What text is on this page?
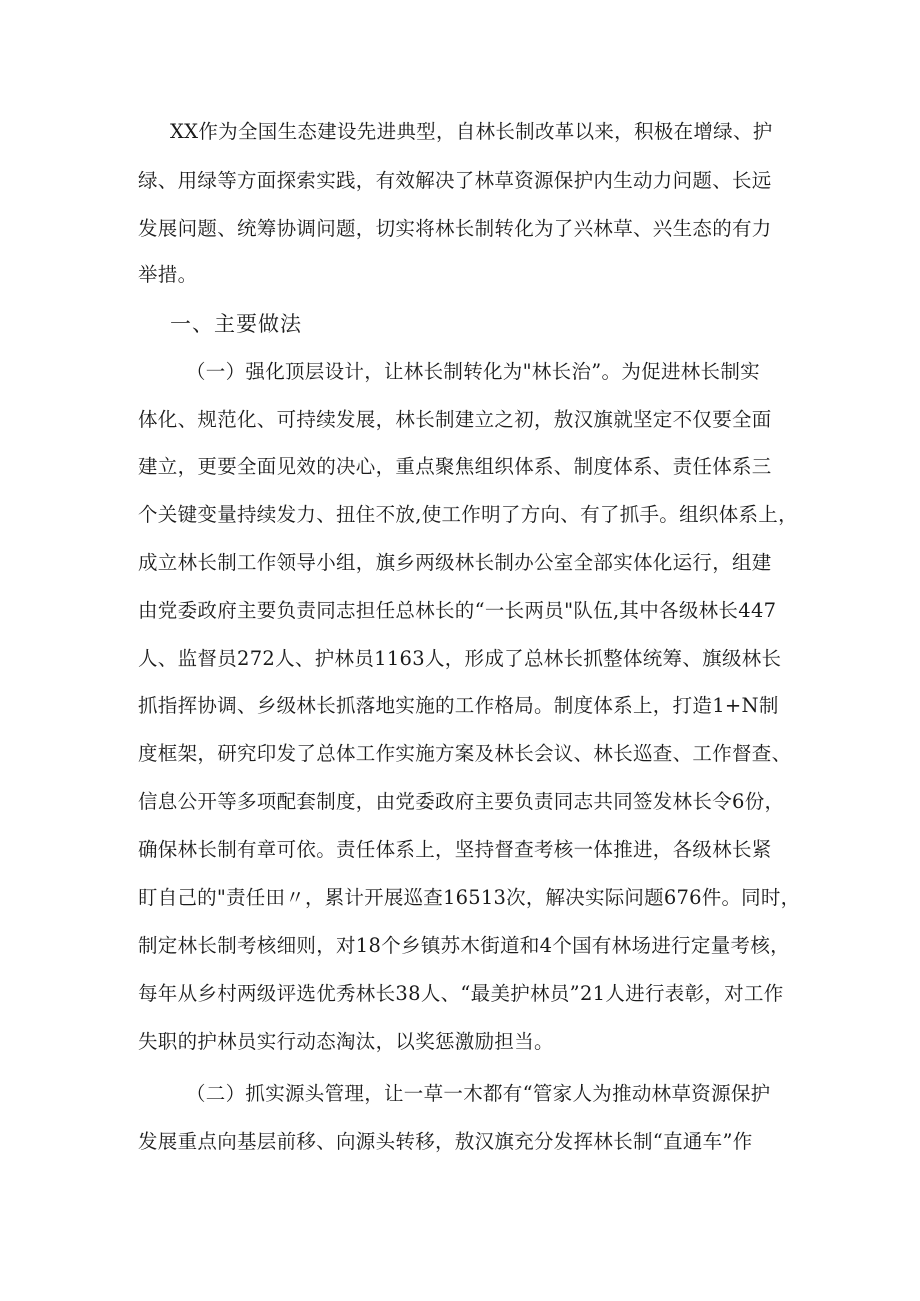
XX作为全国生态建设先进典型，自林长制改革以来，积极在增绿、护
绿、用绿等方面探索实践，有效解决了林草资源保护内生动力问题、长远
发展问题、统筹协调问题，切实将林长制转化为了兴林草、兴生态的有力
举措。
一、主要做法
（一）强化顶层设计，让林长制转化为"林长治”。为促进林长制实
体化、规范化、可持续发展，林长制建立之初，敖汉旗就坚定不仅要全面
建立，更要全面见效的决心，重点聚焦组织体系、制度体系、责任体系三
个关键变量持续发力、扭住不放,使工作明了方向、有了抓手。组织体系上，
成立林长制工作领导小组，旗乡两级林长制办公室全部实体化运行，组建
由党委政府主要负责同志担任总林长的“一长两员"队伍,其中各级林长447
人、监督员272人、护林员1163人，形成了总林长抓整体统筹、旗级林长
抓指挥协调、乡级林长抓落地实施的工作格局。制度体系上，打造1+N制
度框架，研究印发了总体工作实施方案及林长会议、林长巡查、工作督查、
信息公开等多项配套制度，由党委政府主要负责同志共同签发林长令6份，
确保林长制有章可依。责任体系上，坚持督查考核一体推进，各级林长紧
盯自己的"责任田〃，累计开展巡查16513次，解决实际问题676件。同时，
制定林长制考核细则，对18个乡镇苏木街道和4个国有林场进行定量考核，
每年从乡村两级评选优秀林长38人、“最美护林员”21人进行表彰，对工作
失职的护林员实行动态淘汰，以奖惩激励担当。
（二）抓实源头管理，让一草一木都有“管家人为推动林草资源保护
发展重点向基层前移、向源头转移，敖汉旗充分发挥林长制“直通车”作
